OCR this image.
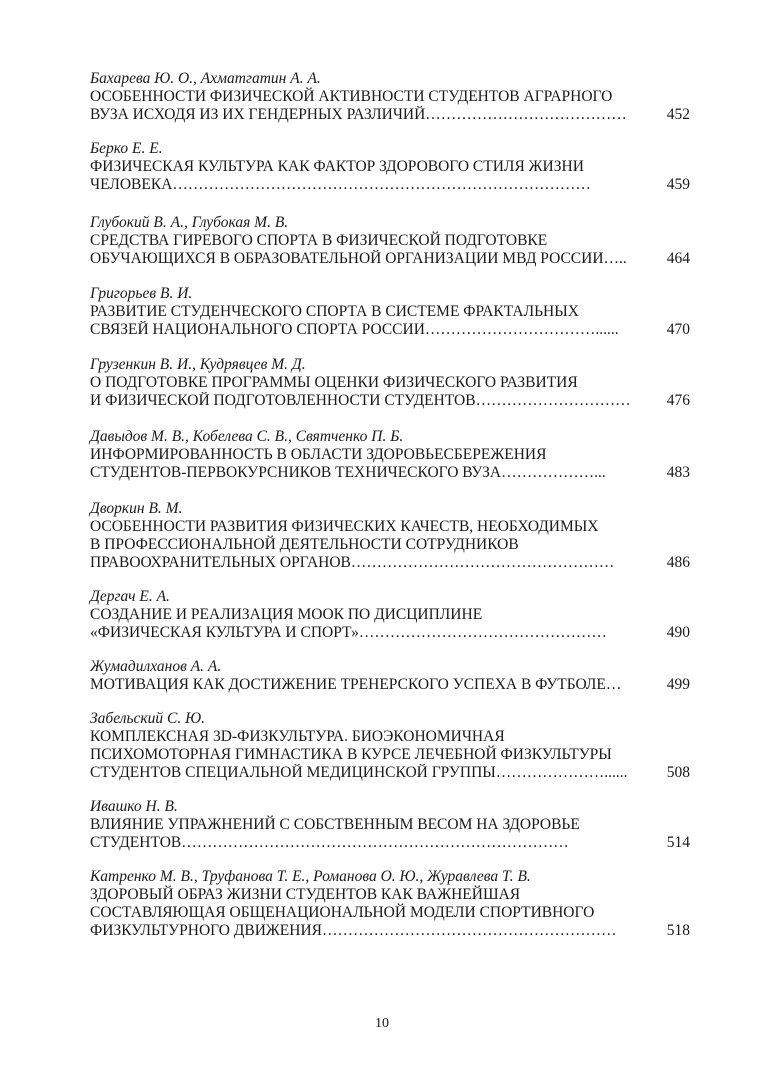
Бахарева Ю. О., Ахматгатин А. А.
ОСОБЕННОСТИ ФИЗИЧЕСКОЙ АКТИВНОСТИ СТУДЕНТОВ АГРАРНОГО
ВУЗА ИСХОДЯ ИЗ ИХ ГЕНДЕРНЫХ РАЗЛИЧИЙ…………………………………	452
Берко Е. Е.
ФИЗИЧЕСКАЯ КУЛЬТУРА КАК ФАКТОР ЗДОРОВОГО СТИЛЯ ЖИЗНИ
ЧЕЛОВЕКА………………………………………………………………………	459
Глубокий В. А., Глубокая М. В.
СРЕДСТВА ГИРЕВОГО СПОРТА В ФИЗИЧЕСКОЙ ПОДГОТОВКЕ
ОБУЧАЮЩИХСЯ В ОБРАЗОВАТЕЛЬНОЙ ОРГАНИЗАЦИИ МВД РОССИИ…..	464
Григорьев В. И.
РАЗВИТИЕ СТУДЕНЧЕСКОГО СПОРТА В СИСТЕМЕ ФРАКТАЛЬНЫХ
СВЯЗЕЙ НАЦИОНАЛЬНОГО СПОРТА РОССИИ……………………………......	470
Грузенкин В. И., Кудрявцев М. Д.
О ПОДГОТОВКЕ ПРОГРАММЫ ОЦЕНКИ ФИЗИЧЕСКОГО РАЗВИТИЯ
И ФИЗИЧЕСКОЙ ПОДГОТОВЛЕННОСТИ СТУДЕНТОВ…………………………	476
Давыдов М. В., Кобелева С. В., Святченко П. Б.
ИНФОРМИРОВАННОСТЬ В ОБЛАСТИ ЗДОРОВЬЕСБЕРЕЖЕНИЯ
СТУДЕНТОВ-ПЕРВОКУРСНИКОВ ТЕХНИЧЕСКОГО ВУЗА………………...	483
Дворкин В. М.
ОСОБЕННОСТИ РАЗВИТИЯ ФИЗИЧЕСКИХ КАЧЕСТВ, НЕОБХОДИМЫХ
В ПРОФЕССИОНАЛЬНОЙ ДЕЯТЕЛЬНОСТИ СОТРУДНИКОВ
ПРАВООХРАНИТЕЛЬНЫХ ОРГАНОВ……………………………………………	486
Дергач Е. А.
СОЗДАНИЕ И РЕАЛИЗАЦИЯ МООК ПО ДИСЦИПЛИНЕ
«ФИЗИЧЕСКАЯ КУЛЬТУРА И СПОРТ»…………………………………………	490
Жумадилханов А. А.
МОТИВАЦИЯ КАК ДОСТИЖЕНИЕ ТРЕНЕРСКОГО УСПЕХА В ФУТБОЛЕ…	499
Забельский С. Ю.
КОМПЛЕКСНАЯ 3D-ФИЗКУЛЬТУРА. БИОЭКОНОМИЧНАЯ
ПСИХОМОТОРНАЯ ГИМНАСТИКА В КУРСЕ ЛЕЧЕБНОЙ ФИЗКУЛЬТУРЫ
СТУДЕНТОВ СПЕЦИАЛЬНОЙ МЕДИЦИНСКОЙ ГРУППЫ…………………......	508
Ивашко Н. В.
ВЛИЯНИЕ УПРАЖНЕНИЙ С СОБСТВЕННЫМ ВЕСОМ НА ЗДОРОВЬЕ
СТУДЕНТОВ…………………………………………………………………	514
Катренко М. В., Труфанова Т. Е., Романова О. Ю., Журавлева Т. В.
ЗДОРОВЫЙ ОБРАЗ ЖИЗНИ СТУДЕНТОВ КАК ВАЖНЕЙШАЯ
СОСТАВЛЯЮЩАЯ ОБЩЕНАЦИОНАЛЬНОЙ МОДЕЛИ СПОРТИВНОГО
ФИЗКУЛЬТУРНОГО ДВИЖЕНИЯ…………………………………………………	518
10
